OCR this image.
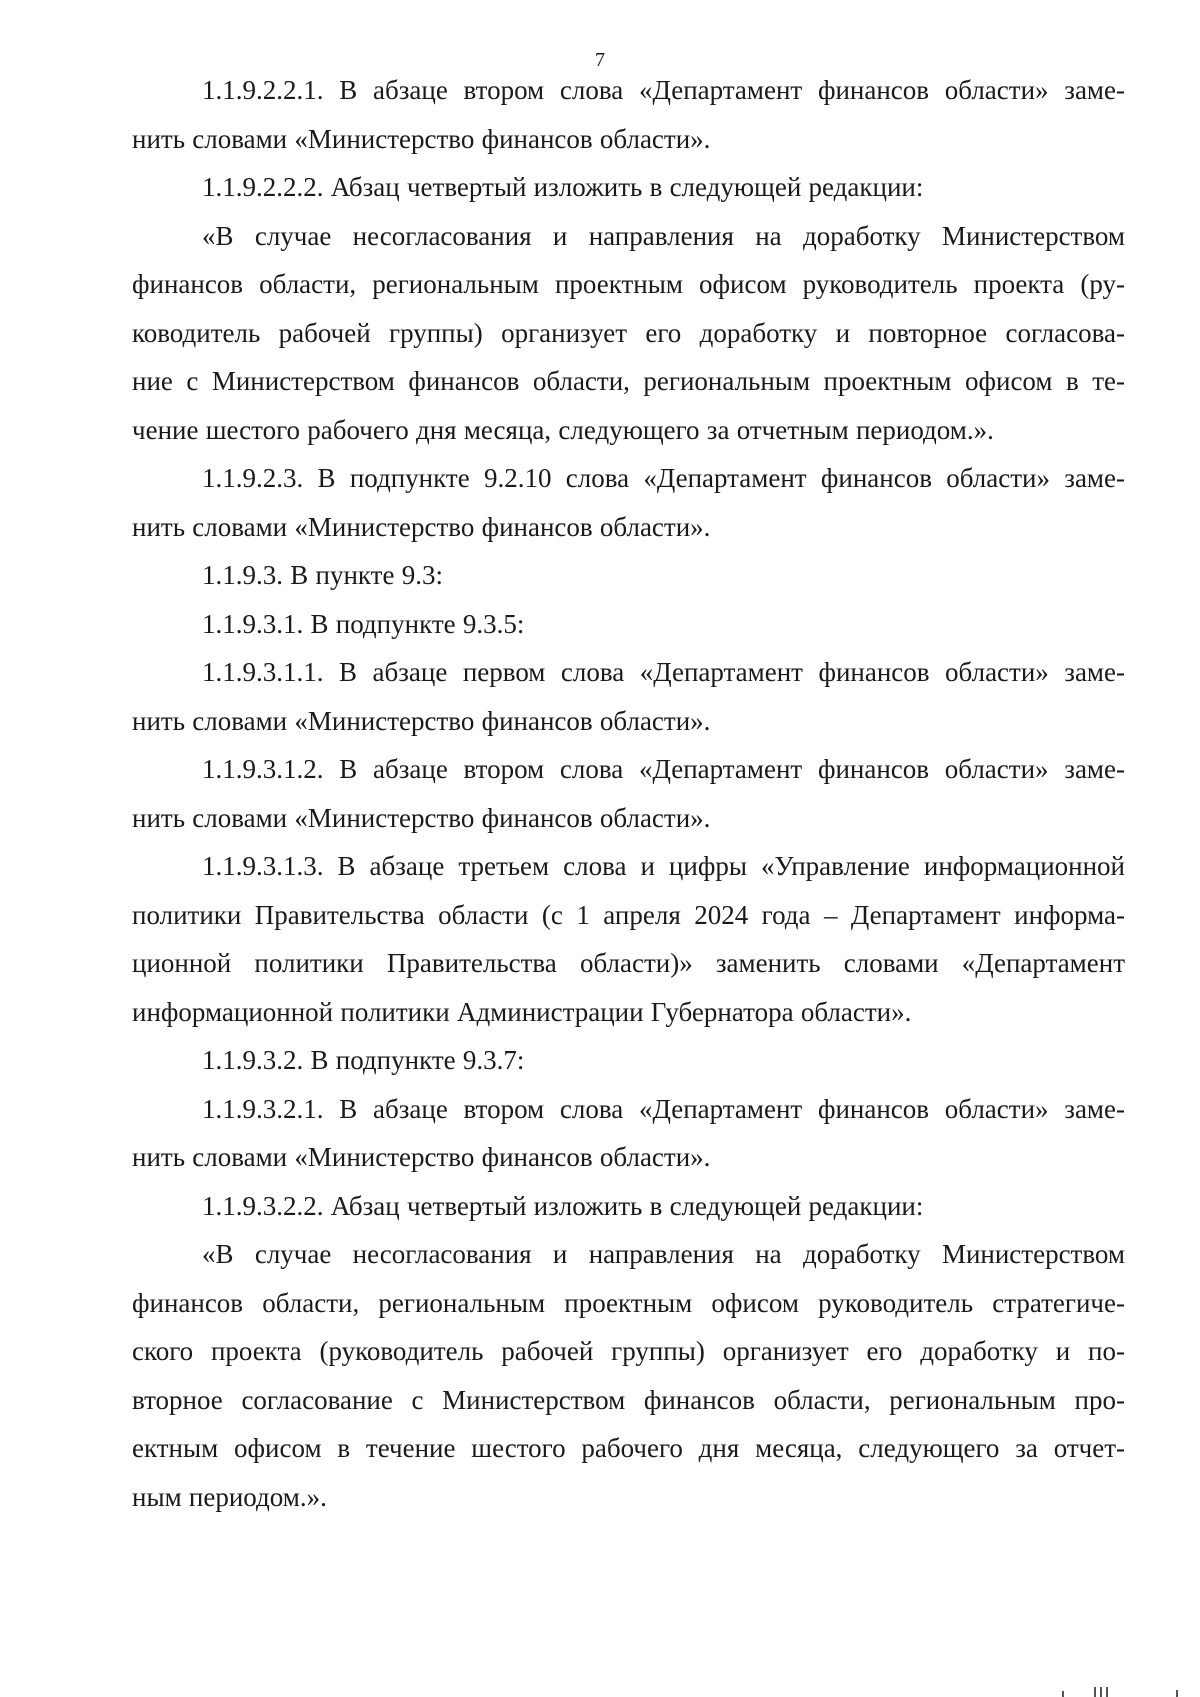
7

1.1.9.2.2.1. В абзаце втором слова «Департамент финансов области» заме-
нить словами «Министерство финансов области».

1.1.9.2.2.2. Абзац четвертый изложить в следующей редакции:

«В случае несогласования и направления на доработку Министерством
финансов области, региональным проектным офисом руководитель проекта (ру-
ководитель рабочей группы) организует его доработку и повторное согласова-
ние с Министерством финансов области, региональным проектным офисом в те-
чение шестого рабочего дня месяца, следующего за отчетным периодом.».

1.1.9.2.3. В подпункте 9.2.10 слова «Департамент финансов области» заме-
нить словами «Министерство финансов области».

1.1.9.3. В пункте 9.3:

1.1.9.3.1. В подпункте 9.3.5:

1.1.9.3.1.1. В абзаце первом слова «Департамент финансов области» заме-
нить словами «Министерство финансов области».

1.1.9.3.1.2. В абзаце втором слова «Департамент финансов области» заме-
нить словами «Министерство финансов области».

1.1.9.3.1.3. В абзаце третьем слова и цифры «Управление информационной
политики Правительства области (с 1 апреля 2024 года – Департамент информа-
ционной политики Правительства области)» заменить словами «Департамент
информационной политики Администрации Губернатора области».

1.1.9.3.2. В подпункте 9.3.7:

1.1.9.3.2.1. В абзаце втором слова «Департамент финансов области» заме-
нить словами «Министерство финансов области».

1.1.9.3.2.2. Абзац четвертый изложить в следующей редакции:

«В случае несогласования и направления на доработку Министерством
финансов области, региональным проектным офисом руководитель стратегиче-
ского проекта (руководитель рабочей группы) организует его доработку и по-
вторное согласование с Министерством финансов области, региональным про-
ектным офисом в течение шестого рабочего дня месяца, следующего за отчет-
ным периодом.».
